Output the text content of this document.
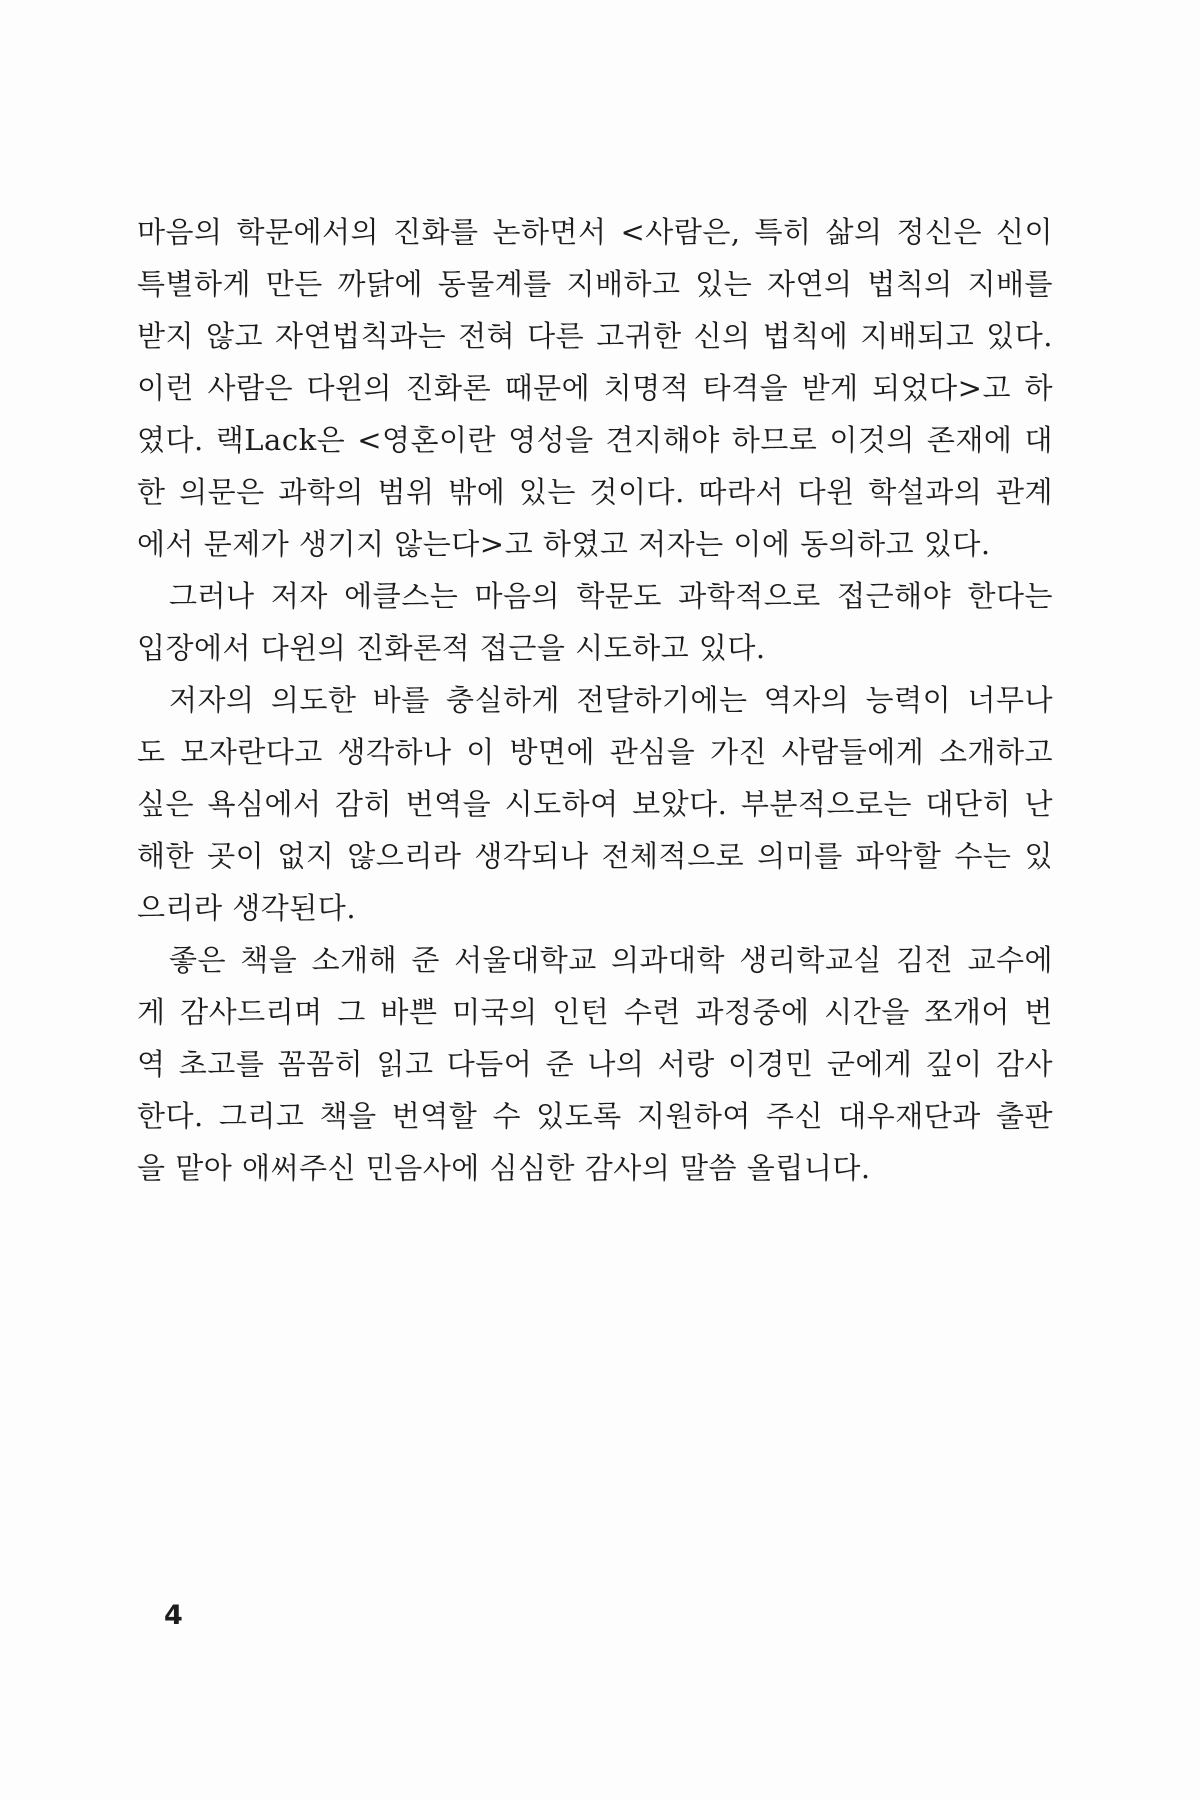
마음의 학문에서의 진화를 논하면서 <사람은, 특히 삶의 정신은 신이
특별하게 만든 까닭에 동물계를 지배하고 있는 자연의 법칙의 지배를
받지 않고 자연법칙과는 전혀 다른 고귀한 신의 법칙에 지배되고 있다.
이런 사람은 다윈의 진화론 때문에 치명적 타격을 받게 되었다>고 하
였다. 랙Lack은 <영혼이란 영성을 견지해야 하므로 이것의 존재에 대
한 의문은 과학의 범위 밖에 있는 것이다. 따라서 다윈 학설과의 관계
에서 문제가 생기지 않는다>고 하였고 저자는 이에 동의하고 있다.
그러나 저자 에클스는 마음의 학문도 과학적으로 접근해야 한다는
입장에서 다윈의 진화론적 접근을 시도하고 있다.
저자의 의도한 바를 충실하게 전달하기에는 역자의 능력이 너무나
도 모자란다고 생각하나 이 방면에 관심을 가진 사람들에게 소개하고
싶은 욕심에서 감히 번역을 시도하여 보았다. 부분적으로는 대단히 난
해한 곳이 없지 않으리라 생각되나 전체적으로 의미를 파악할 수는 있
으리라 생각된다.
좋은 책을 소개해 준 서울대학교 의과대학 생리학교실 김전 교수에
게 감사드리며 그 바쁜 미국의 인턴 수련 과정중에 시간을 쪼개어 번
역 초고를 꼼꼼히 읽고 다듬어 준 나의 서랑 이경민 군에게 깊이 감사
한다. 그리고 책을 번역할 수 있도록 지원하여 주신 대우재단과 출판
을 맡아 애써주신 민음사에 심심한 감사의 말씀 올립니다.
4
